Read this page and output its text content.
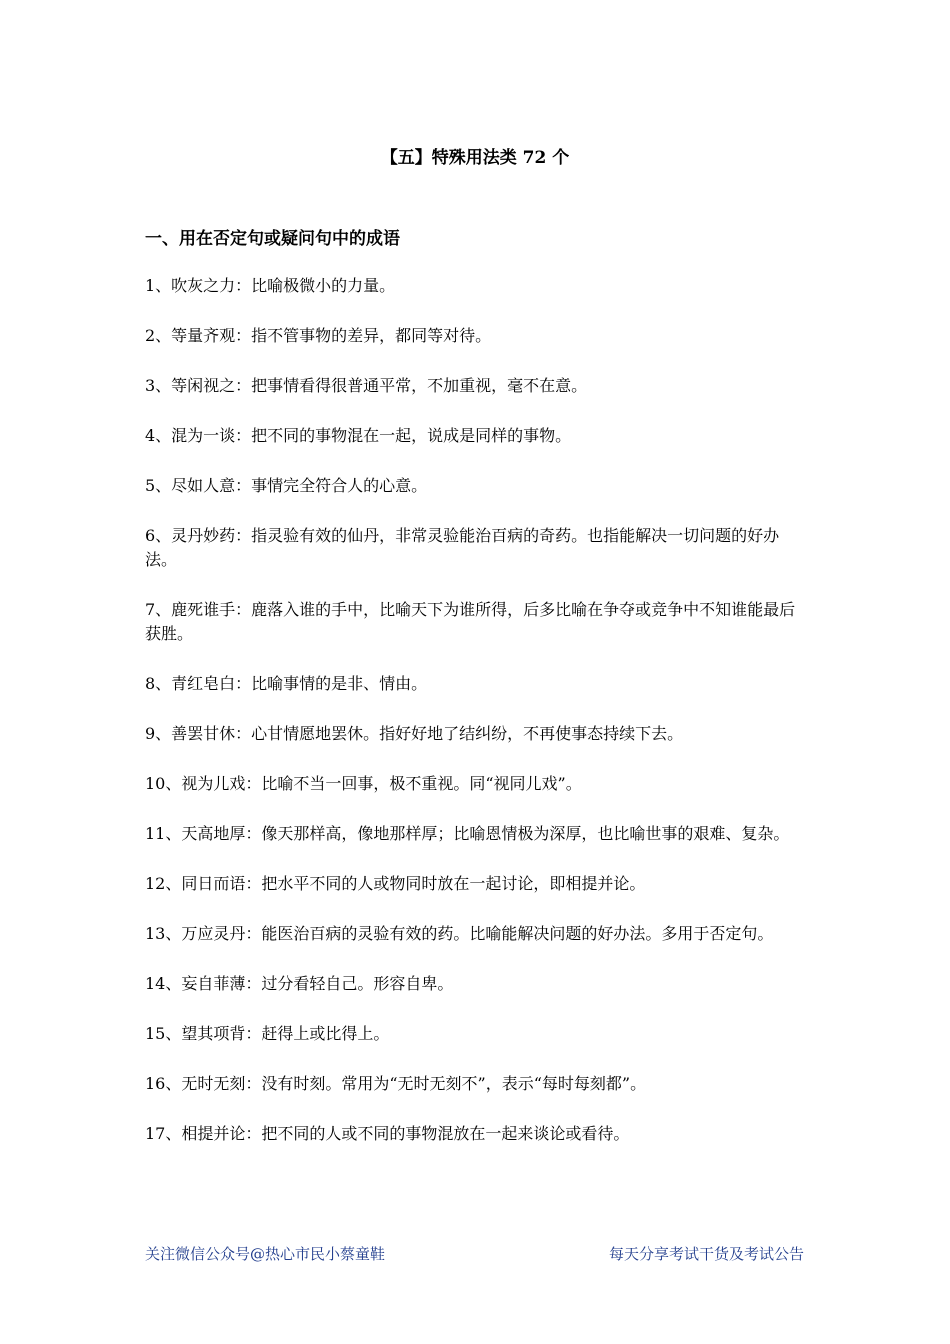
【五】特殊用法类 72 个
一、用在否定句或疑问句中的成语
1、吹灰之力：比喻极微小的力量。
2、等量齐观：指不管事物的差异，都同等对待。
3、等闲视之：把事情看得很普通平常，不加重视，毫不在意。
4、混为一谈：把不同的事物混在一起，说成是同样的事物。
5、尽如人意：事情完全符合人的心意。
6、灵丹妙药：指灵验有效的仙丹，非常灵验能治百病的奇药。也指能解决一切问题的好办法。
7、鹿死谁手：鹿落入谁的手中，比喻天下为谁所得，后多比喻在争夺或竞争中不知谁能最后获胜。
8、青红皂白：比喻事情的是非、情由。
9、善罢甘休：心甘情愿地罢休。指好好地了结纠纷，不再使事态持续下去。
10、视为儿戏：比喻不当一回事，极不重视。同“视同儿戏”。
11、天高地厚：像天那样高，像地那样厚；比喻恩情极为深厚，也比喻世事的艰难、复杂。
12、同日而语：把水平不同的人或物同时放在一起讨论，即相提并论。
13、万应灵丹：能医治百病的灵验有效的药。比喻能解决问题的好办法。多用于否定句。
14、妄自菲薄：过分看轻自己。形容自卑。
15、望其项背：赶得上或比得上。
16、无时无刻：没有时刻。常用为“无时无刻不”，表示“每时每刻都”。
17、相提并论：把不同的人或不同的事物混放在一起来谈论或看待。
关注微信公众号@热心市民小蔡童鞋	每天分享考试干货及考试公告
